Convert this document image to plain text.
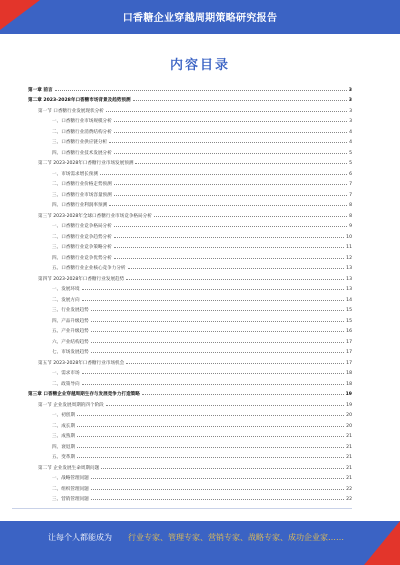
口香糖企业穿越周期策略研究报告
内容目录
第一章 前言	3
第二章 2023-2028年口香糖市场背景及趋势预测	3
第一节 口香糖行业发展现状分析	3
一、口香糖行业市场规模分析	3
二、口香糖行业消费结构分析	4
三、口香糖行业供应链分析	4
四、口香糖行业技术发展分析	5
第二节 2023-2028年口香糖行业市场发展预测	5
一、市场需求增长预测	6
二、口香糖行业价格走势预测	7
三、口香糖行业市场容量预测	7
四、口香糖行业利润率预测	8
第三节 2023-2028年全球口香糖行业市场竞争格局分析	8
一、口香糖行业竞争格局分析	9
二、口香糖行业竞争趋势分析	10
三、口香糖行业竞争策略分析	11
四、口香糖行业竞争优势分析	12
五、口香糖行业企业核心竞争力分析	13
第四节 2023-2028年口香糖行业发展趋势	13
一、发展环境	13
二、发展方向	14
三、行业发展趋势	15
四、产品升级趋势	15
五、产业升级趋势	16
六、产业结构趋势	17
七、市场发展趋势	17
第五节 2023-2028年口香糖行业市场机会	17
一、需求市场	18
二、政策导向	18
第三章 口香糖企业穿越周期生存与发展竞争力打造策略	19
第一节 企业发展周期的四个阶段	19
一、初创期	20
二、成长期	20
三、成熟期	21
四、衰退期	21
五、变革期	21
第二节 企业发展生命周期问题	21
一、战略管理问题	21
二、组织管理问题	22
三、营销管理问题	22
让每个人都能成为 行业专家、管理专家、营销专家、战略专家、成功企业家……
